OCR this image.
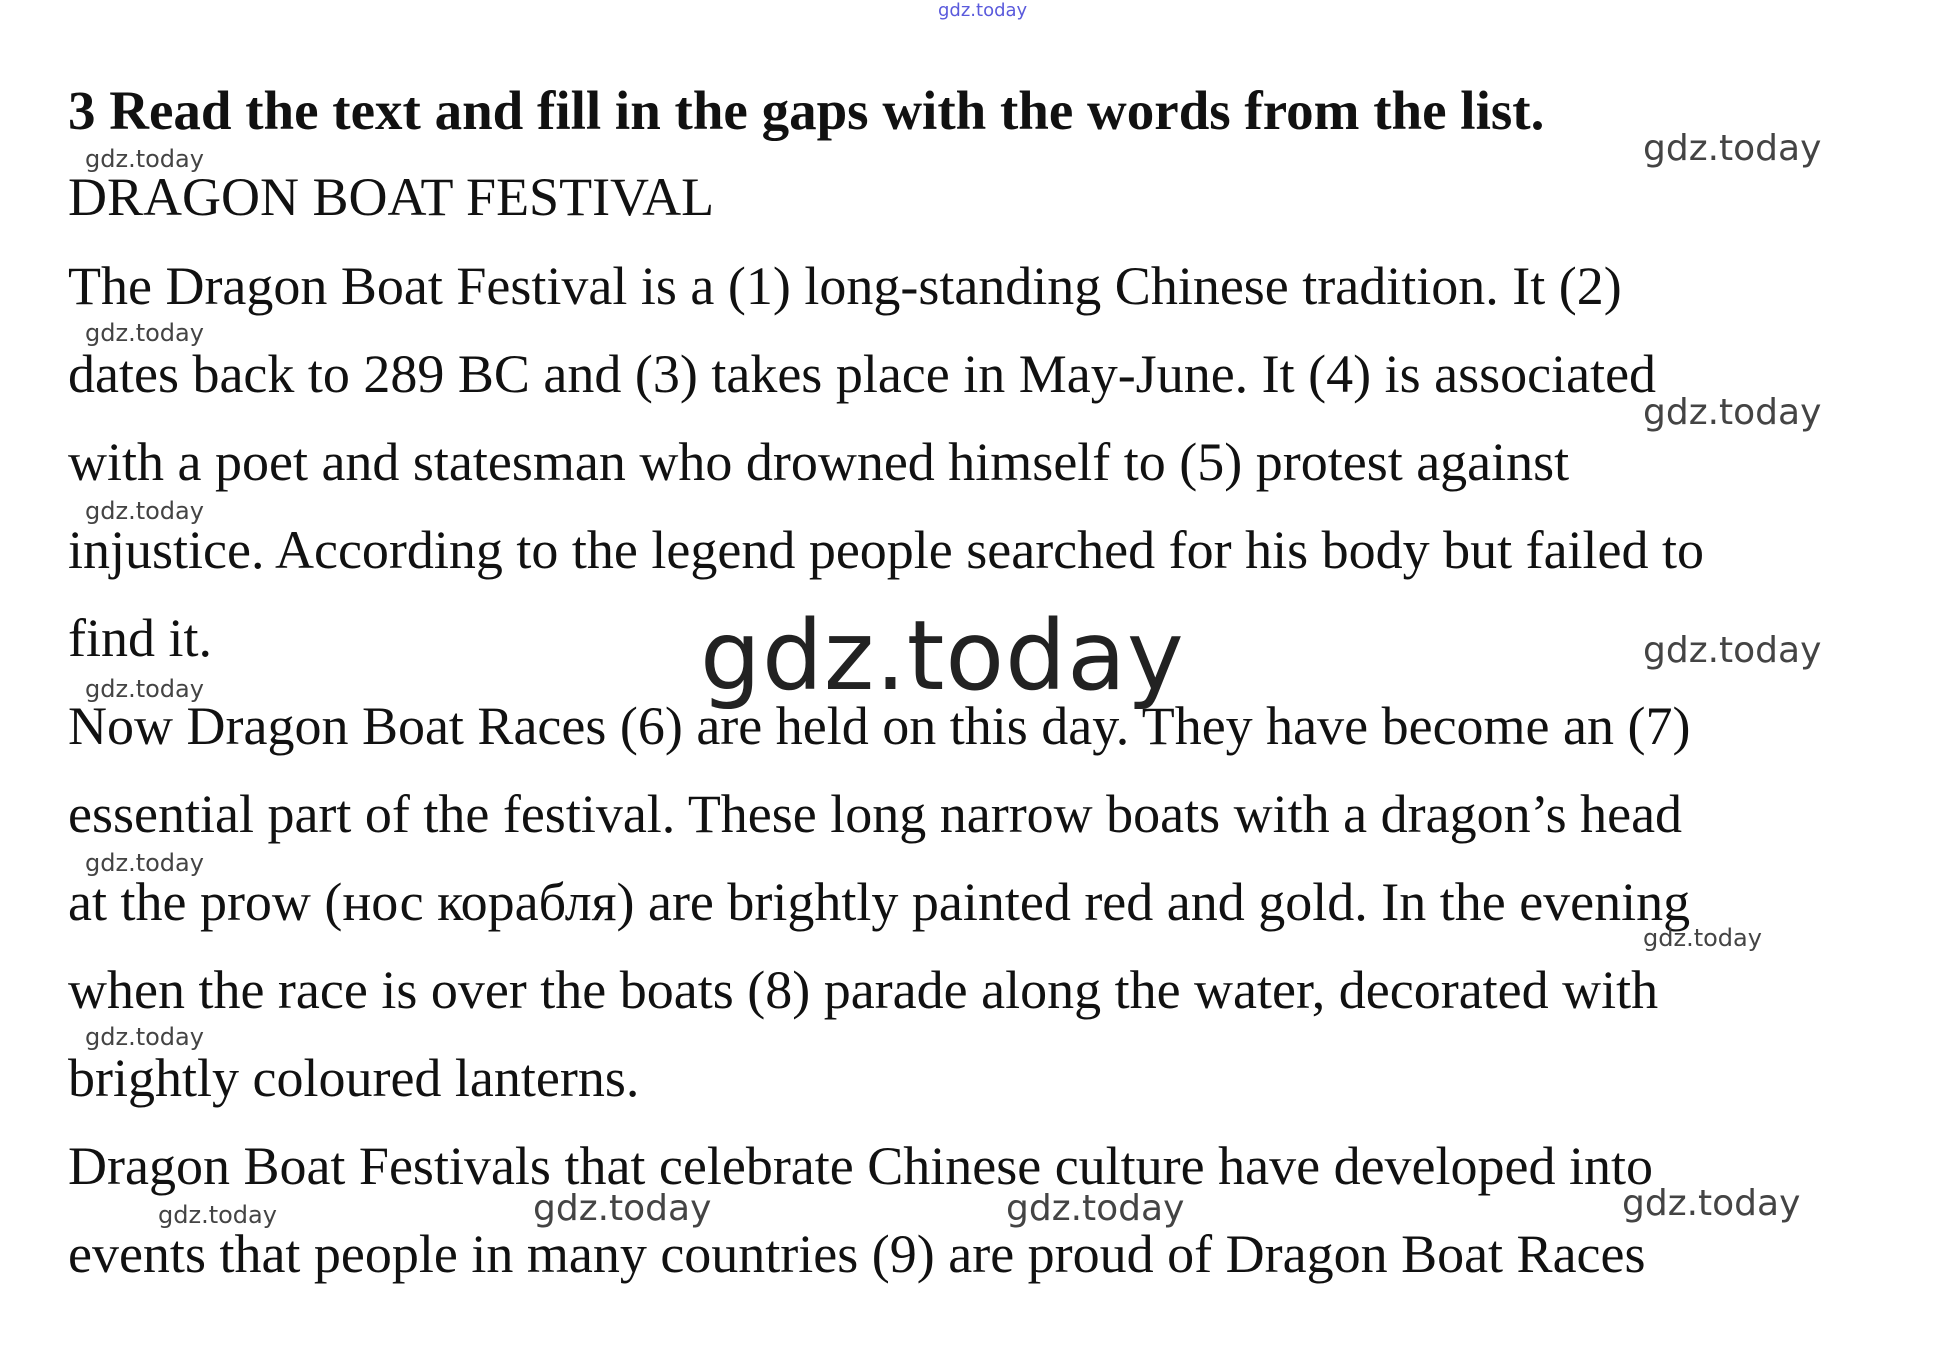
gdz.today
3 Read the text and fill in the gaps with the words from the list.
DRAGON BOAT FESTIVAL
The Dragon Boat Festival is a (1) long-standing Chinese tradition. It (2)
dates back to 289 BC and (3) takes place in May-June. It (4) is associated
with a poet and statesman who drowned himself to (5) protest against
injustice. According to the legend people searched for his body but failed to
find it.
Now Dragon Boat Races (6) are held on this day. They have become an (7)
essential part of the festival. These long narrow boats with a dragon’s head
at the prow (нос корабля) are brightly painted red and gold. In the evening
when the race is over the boats (8) parade along the water, decorated with
brightly coloured lanterns.
Dragon Boat Festivals that celebrate Chinese culture have developed into
events that people in many countries (9) are proud of Dragon Boat Races
gdz.today	gdz.today
gdz.today
gdz.today
gdz.today
gdz.today	gdz.today
gdz.today
gdz.today
gdz.today
gdz.today
gdz.today	gdz.today	gdz.today	gdz.today
